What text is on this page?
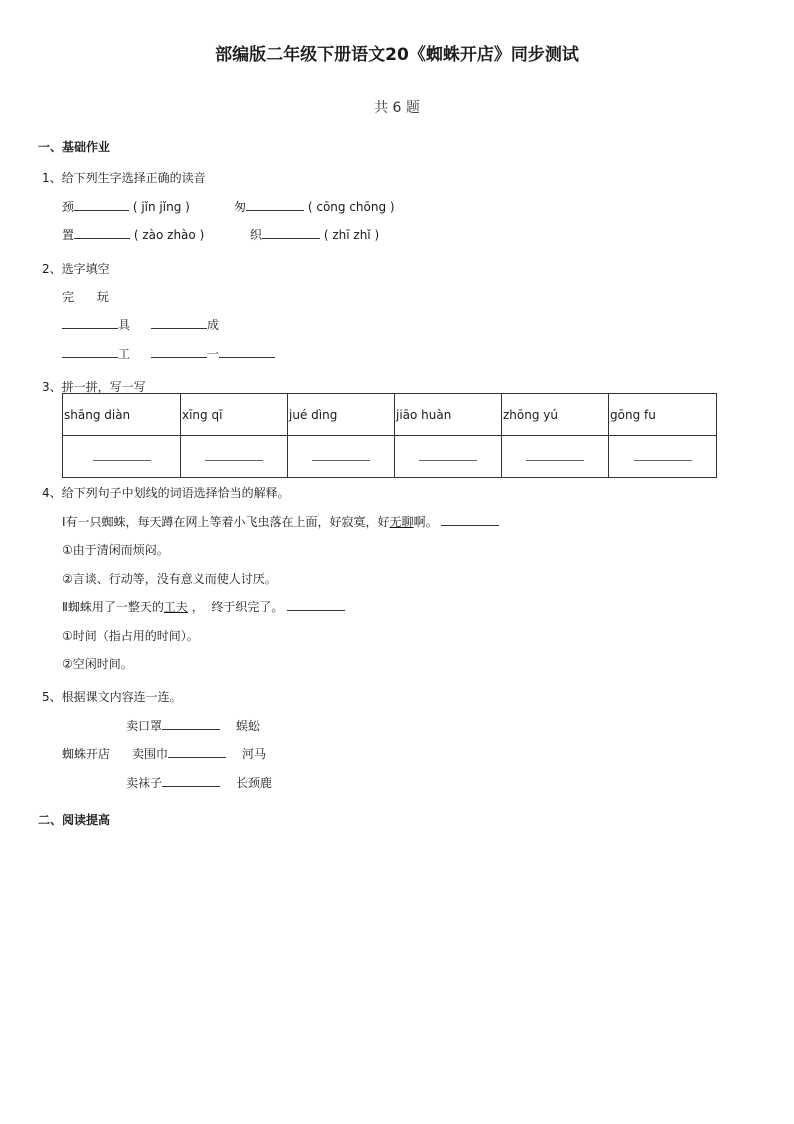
部编版二年级下册语文20《蜘蛛开店》同步测试
共 6 题
一、基础作业
1、给下列生字选择正确的读音
颈	( jǐn jǐng )	匆	( cōng chōng )
置	( zào zhào )	织	( zhī zhǐ )
2、选字填空
完      玩
具	成
工	一
3、拼一拼，写一写
shāng diàn	xīng qī	jué dìng	jiāo huàn	zhōng yú	gōng fu

4、给下列句子中划线的词语选择恰当的解释。
Ⅰ有一只蜘蛛，每天蹲在网上等着小飞虫落在上面，好寂寞，好无聊啊。
①由于清闲而烦闷。
②言谈、行动等，没有意义而使人讨厌。
Ⅱ蜘蛛用了一整天的工夫 ，  终于织完了。
①时间（指占用的时间）。
②空闲时间。
5、根据课文内容连一连。
卖口罩	蜈蚣
蜘蛛开店 卖围巾	河马
卖袜子	长颈鹿
二、阅读提高
